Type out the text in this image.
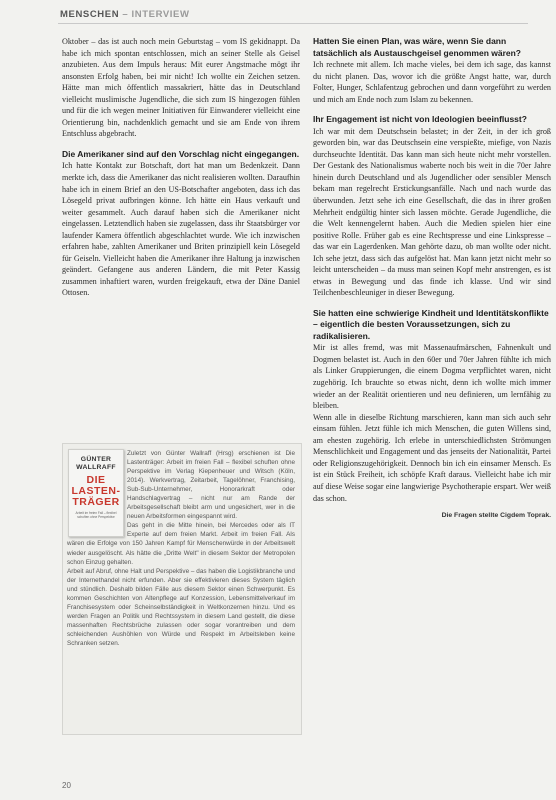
MENSCHEN – INTERVIEW

Oktober – das ist auch noch mein Geburtstag – vom IS gekidnappt. Da habe ich mich spontan entschlossen, mich an seiner Stelle als Geisel anzubieten. Aus dem Impuls heraus: Mit eurer Angstmache mögt ihr ansonsten Erfolg haben, bei mir nicht! Ich wollte ein Zeichen setzen. Hätte man mich öffentlich massakriert, hätte das in Deutschland vielleicht muslimische Jugendliche, die sich zum IS hingezogen fühlen und für die ich wegen meiner Initiativen für Einwanderer vielleicht eine Orientierung bin, nachdenklich gemacht und sie am Ende von ihrem Entschluss abgebracht.

Die Amerikaner sind auf den Vorschlag nicht eingegangen.

Ich hatte Kontakt zur Botschaft, dort hat man um Bedenkzeit. Dann merkte ich, dass die Amerikaner das nicht realisieren wollten. Daraufhin habe ich in einem Brief an den US-Botschafter angeboten, dass ich das Lösegeld privat aufbringen könne. Ich hätte ein Haus verkauft und weiter gesammelt. Auch darauf haben sich die Amerikaner nicht eingelassen. Letztendlich haben sie zugelassen, dass ihr Staatsbürger vor laufender Kamera öffentlich abgeschlachtet wurde. Wie ich inzwischen erfahren habe, zahlten Amerikaner und Briten prinzipiell kein Lösegeld für Geiseln. Vielleicht haben die Amerikaner ihre Haltung ja inzwischen geändert. Gefangene aus anderen Ländern, die mit Peter Kassig zusammen inhaftiert waren, wurden freigekauft, etwa der Däne Daniel Ottosen.

GÜNTER WALLRAFF
DIE LASTEN-TRÄGER
Arbeit im freien Fall – flexibel schuften ohne Perspektive

Zuletzt von Günter Wallraff (Hrsg) erschienen ist Die Lastenträger: Arbeit im freien Fall – flexibel schuften ohne Perspektive im Verlag Kiepenheuer und Witsch (Köln, 2014). Werkvertrag, Zeitarbeit, Tagelöhner, Franchising, Sub-Sub-Unternehmer, Honorarkraft oder Handschlagvertrag – nicht nur am Rande der Arbeitsgesellschaft bleibt arm und ungesichert, wer in die neuen Arbeitsformen eingespannt wird.

Das geht in die Mitte hinein, bei Mercedes oder als IT Experte auf dem freien Markt. Arbeit im freien Fall. Als wären die Erfolge von 150 Jahren Kampf für Menschenwürde in der Arbeitswelt wieder ausgelöscht. Als hätte die „Dritte Welt" in diesem Sektor der Metropolen schon Einzug gehalten.

Arbeit auf Abruf, ohne Halt und Perspektive – das haben die Logistikbranche und der Internethandel nicht erfunden. Aber sie effektivieren dieses System täglich und stündlich. Deshalb bilden Fälle aus diesem Sektor einen Schwerpunkt. Es kommen Geschichten von Altenpflege auf Konzession, Lebensmittelverkauf im Franchisesystem oder Scheinselbständigkeit in Weltkonzernen hinzu. Und es werden Fragen an Politik und Rechtssystem in diesem Land gestellt, die diese massenhaften Rechtsbrüche zulassen oder sogar vorantreiben und dem schleichenden Aushöhlen von Würde und Respekt im Arbeitsleben keine Schranken setzen.

Hatten Sie einen Plan, was wäre, wenn Sie dann tatsächlich als Austauschgeisel genommen wären?

Ich rechnete mit allem. Ich mache vieles, bei dem ich sage, das kannst du nicht planen. Das, wovor ich die größte Angst hatte, war, durch Folter, Hunger, Schlafentzug gebrochen und dann vorgeführt zu werden und mich am Ende noch zum Islam zu bekennen.

Ihr Engagement ist nicht von Ideologien beeinflusst?

Ich war mit dem Deutschsein belastet; in der Zeit, in der ich groß geworden bin, war das Deutschsein eine verspießte, miefige, von Nazis durchseuchte Identität. Das kann man sich heute nicht mehr vorstellen. Der Gestank des Nationalismus waberte noch bis weit in die 70er Jahre hinein durch Deutschland und als Jugendlicher oder sensibler Mensch bekam man regelrecht Erstickungsanfälle. Nach und nach wurde das überwunden. Jetzt sehe ich eine Gesellschaft, die das in ihrer großen Mehrheit endgültig hinter sich lassen möchte. Gerade Jugendliche, die die Welt kennengelernt haben. Auch die Medien spielen hier eine positive Rolle. Früher gab es eine Rechtspresse und eine Linkspresse – das war ein Lagerdenken. Man gehörte dazu, ob man wollte oder nicht. Ich sehe jetzt, dass sich das aufgelöst hat. Man kann jetzt nicht mehr so leicht unterscheiden – da muss man seinen Kopf mehr anstrengen, es ist etwas in Bewegung und das finde ich klasse. Und wir sind Teilchenbeschleuniger in dieser Bewegung.

Sie hatten eine schwierige Kindheit und Identitätskonflikte – eigentlich die besten Voraussetzungen, sich zu radikalisieren.

Mir ist alles fremd, was mit Massenaufmärschen, Fahnenkult und Dogmen belastet ist. Auch in den 60er und 70er Jahren fühlte ich mich als Linker Gruppierungen, die einem Dogma verpflichtet waren, nicht zugehörig. Ich brauchte so etwas nicht, denn ich wollte mich immer wieder an der Realität orientieren und neu definieren, um lernfähig zu bleiben.

Wenn alle in dieselbe Richtung marschieren, kann man sich auch sehr einsam fühlen. Jetzt fühle ich mich Menschen, die guten Willens sind, am ehesten zugehörig. Ich erlebe in unterschiedlichsten Strömungen Menschlichkeit und Engagement und das jenseits der Nationalität, Partei oder Religionszugehörigkeit. Dennoch bin ich ein einsamer Mensch. Es ist ein Stück Freiheit, ich schöpfe Kraft daraus. Vielleicht habe ich mir auf diese Weise sogar eine langwierige Psychotherapie erspart. Wer weiß das schon.

Die Fragen stellte Cigdem Toprak.
20
